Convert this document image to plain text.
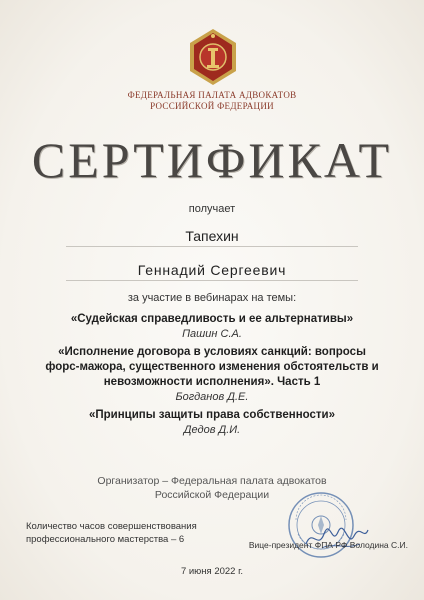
ФЕДЕРАЛЬНАЯ ПАЛАТА АДВОКАТОВ
РОССИЙСКОЙ ФЕДЕРАЦИИ
СЕРТИФИКАТ
получает
Тапехин
Геннадий Сергеевич
за участие в вебинарах на темы:
«Судейская справедливость и ее альтернативы»
Пашин С.А.
«Исполнение договора в условиях санкций: вопросы форс-мажора, существенного изменения обстоятельств и невозможности исполнения». Часть 1
Богданов Д.Е.
«Принципы защиты права собственности»
Дедов Д.И.
Организатор – Федеральная палата адвокатов
Российской Федерации
Количество часов совершенствования
профессионального мастерства – 6	Вице-президент ФПА РФ Володина С.И.
7 июня 2022 г.
